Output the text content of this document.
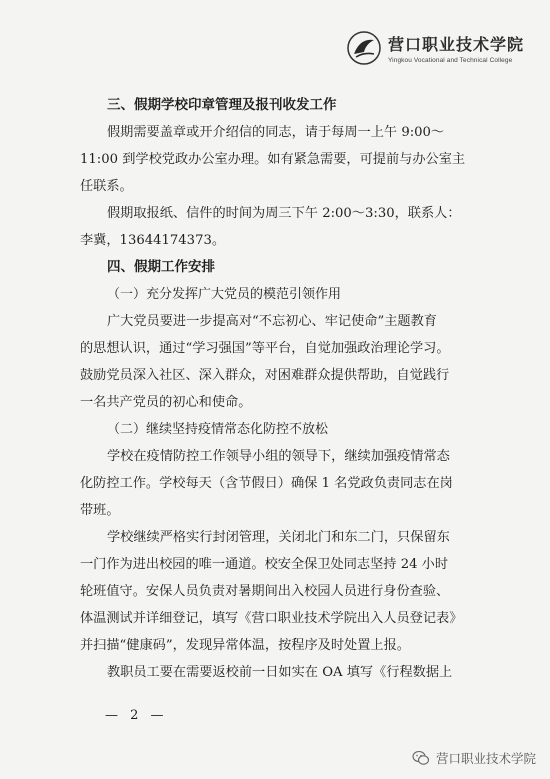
营口职业技术学院
Yingkou Vocational and Technical College
三、假期学校印章管理及报刊收发工作
假期需要盖章或开介绍信的同志，请于每周一上午 9:00～
11:00 到学校党政办公室办理。如有紧急需要，可提前与办公室主
任联系。
假期取报纸、信件的时间为周三下午 2:00～3:30，联系人：
李冀，13644174373。
四、假期工作安排
（一）充分发挥广大党员的模范引领作用
广大党员要进一步提高对“不忘初心、牢记使命”主题教育
的思想认识，通过“学习强国”等平台，自觉加强政治理论学习。
鼓励党员深入社区、深入群众，对困难群众提供帮助，自觉践行
一名共产党员的初心和使命。
（二）继续坚持疫情常态化防控不放松
学校在疫情防控工作领导小组的领导下，继续加强疫情常态
化防控工作。学校每天（含节假日）确保 1 名党政负责同志在岗
带班。
学校继续严格实行封闭管理，关闭北门和东二门，只保留东
一门作为进出校园的唯一通道。校安全保卫处同志坚持 24 小时
轮班值守。安保人员负责对暑期间出入校园人员进行身份查验、
体温测试并详细登记，填写《营口职业技术学院出入人员登记表》
并扫描“健康码”，发现异常体温，按程序及时处置上报。
教职员工要在需要返校前一日如实在 OA 填写《行程数据上
— 2 —
营口职业技术学院
